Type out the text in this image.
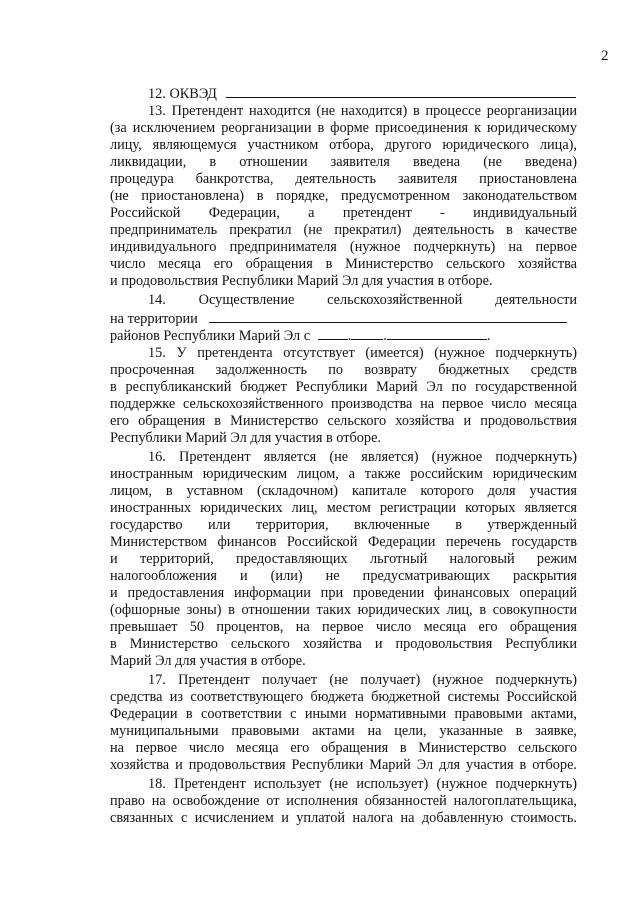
2
12. ОКВЭД
13. Претендент находится (не находится) в процессе реорганизации
(за исключением реорганизации в форме присоединения к юридическому
лицу, являющемуся участником отбора, другого юридического лица),
ликвидации, в отношении заявителя введена (не введена)
процедура банкротства, деятельность заявителя приостановлена
(не приостановлена) в порядке, предусмотренном законодательством
Российской Федерации, а претендент - индивидуальный
предприниматель прекратил (не прекратил) деятельность в качестве
индивидуального предпринимателя (нужное подчеркнуть) на первое
число месяца его обращения в Министерство сельского хозяйства
и продовольствия Республики Марий Эл для участия в отборе.
14. Осуществление сельскохозяйственной деятельности
на территории
районов Республики Марий Эл с	. .	.
15. У претендента отсутствует (имеется) (нужное подчеркнуть)
просроченная задолженность по возврату бюджетных средств
в республиканский бюджет Республики Марий Эл по государственной
поддержке сельскохозяйственного производства на первое число месяца
его обращения в Министерство сельского хозяйства и продовольствия
Республики Марий Эл для участия в отборе.
16. Претендент является (не является) (нужное подчеркнуть)
иностранным юридическим лицом, а также российским юридическим
лицом, в уставном (складочном) капитале которого доля участия
иностранных юридических лиц, местом регистрации которых является
государство или территория, включенные в утвержденный
Министерством финансов Российской Федерации перечень государств
и территорий, предоставляющих льготный налоговый режим
налогообложения и (или) не предусматривающих раскрытия
и предоставления информации при проведении финансовых операций
(офшорные зоны) в отношении таких юридических лиц, в совокупности
превышает 50 процентов, на первое число месяца его обращения
в Министерство сельского хозяйства и продовольствия Республики
Марий Эл для участия в отборе.
17. Претендент получает (не получает) (нужное подчеркнуть)
средства из соответствующего бюджета бюджетной системы Российской
Федерации в соответствии с иными нормативными правовыми актами,
муниципальными правовыми актами на цели, указанные в заявке,
на первое число месяца его обращения в Министерство сельского
хозяйства и продовольствия Республики Марий Эл для участия в отборе.
18. Претендент использует (не использует) (нужное подчеркнуть)
право на освобождение от исполнения обязанностей налогоплательщика,
связанных с исчислением и уплатой налога на добавленную стоимость.
